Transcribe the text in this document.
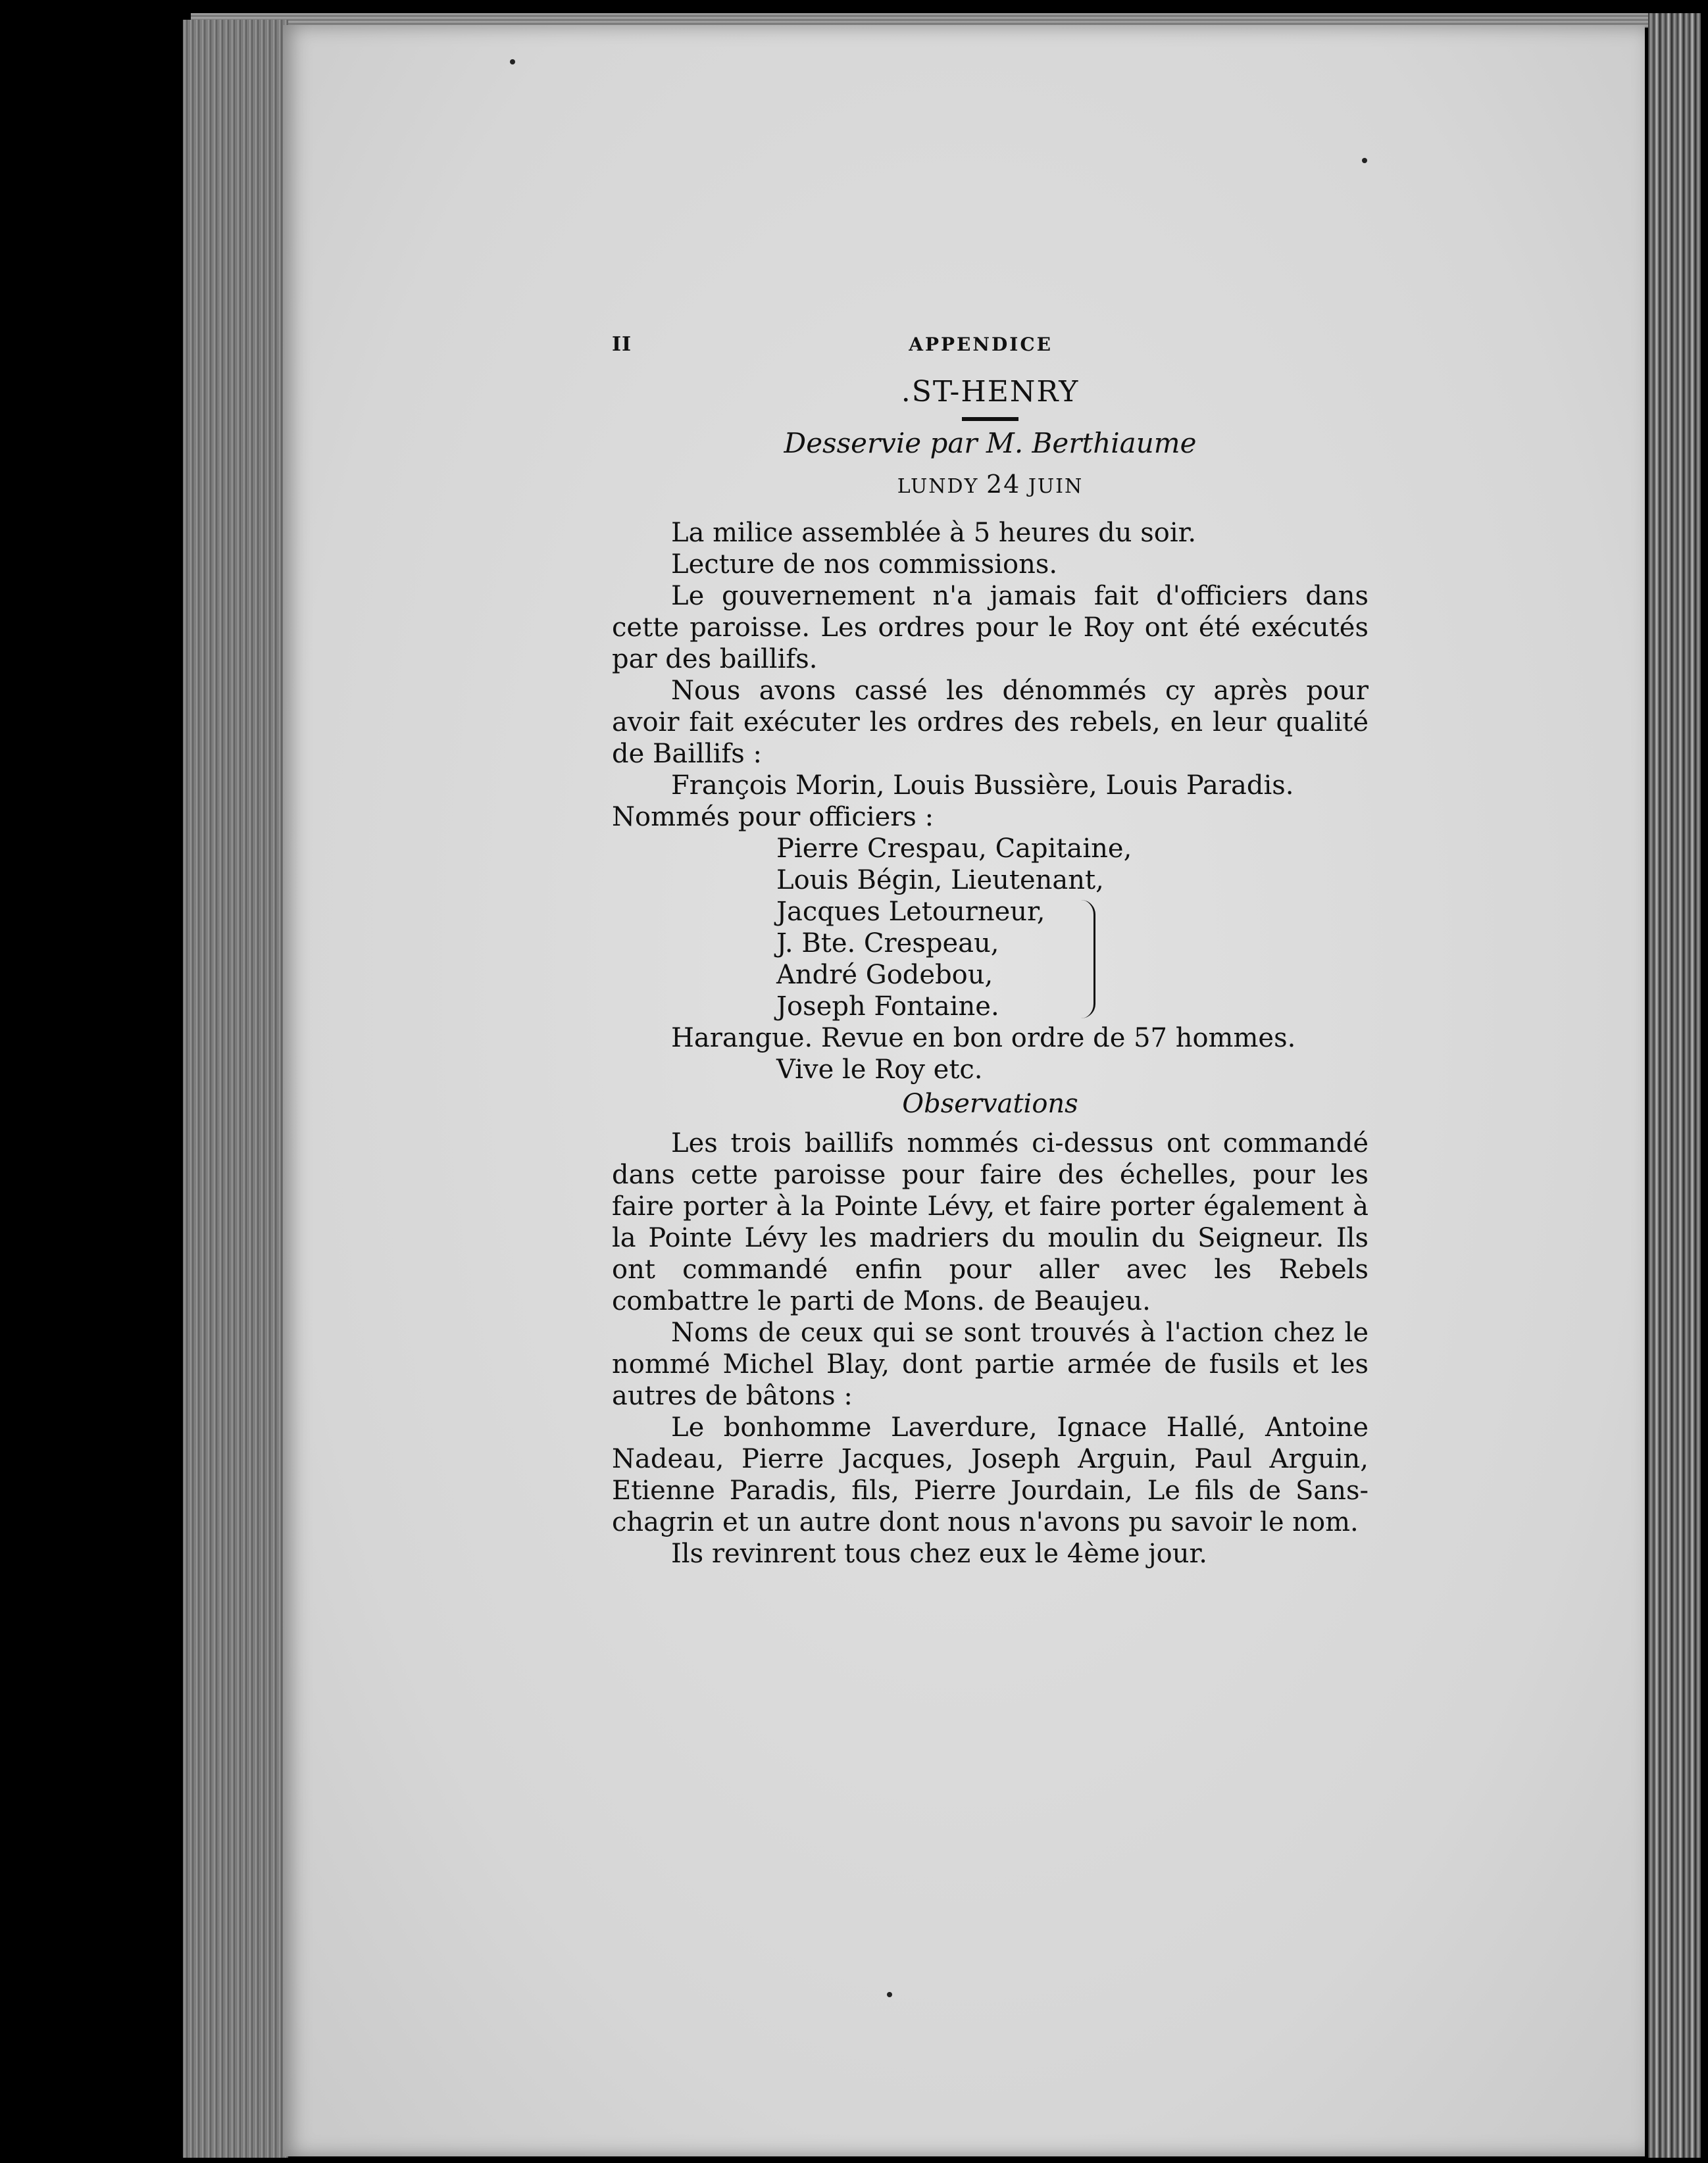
II	APPENDICE
.ST-HENRY
Desservie par M. Berthiaume
LUNDY 24 JUIN

La milice assemblée à 5 heures du soir.

Lecture de nos commissions.

Le gouvernement n'a jamais fait d'officiers dans cette paroisse. Les ordres pour le Roy ont été exécutés par des baillifs.

Nous avons cassé les dénommés cy après pour avoir fait exécuter les ordres des rebels, en leur qualité de Baillifs :

François Morin, Louis Bussière, Louis Paradis.

Nommés pour officiers :

Pierre Crespau, Capitaine,
Louis Bégin, Lieutenant,
Jacques Letourneur,
J. Bte. Crespeau,
André Godebou,
Joseph Fontaine.

Harangue. Revue en bon ordre de 57 hommes.

Vive le Roy etc.
Observations

Les trois baillifs nommés ci-dessus ont commandé dans cette paroisse pour faire des échelles, pour les faire porter à la Pointe Lévy, et faire porter également à la Pointe Lévy les madriers du moulin du Seigneur. Ils ont commandé enfin pour aller avec les Rebels combattre le parti de Mons. de Beaujeu.

Noms de ceux qui se sont trouvés à l'action chez le nommé Michel Blay, dont partie armée de fusils et les autres de bâtons :

Le bonhomme Laverdure, Ignace Hallé, Antoine Nadeau, Pierre Jacques, Joseph Arguin, Paul Arguin, Etienne Paradis, fils, Pierre Jourdain, Le fils de Sans-chagrin et un autre dont nous n'avons pu savoir le nom.

Ils revinrent tous chez eux le 4ème jour.
